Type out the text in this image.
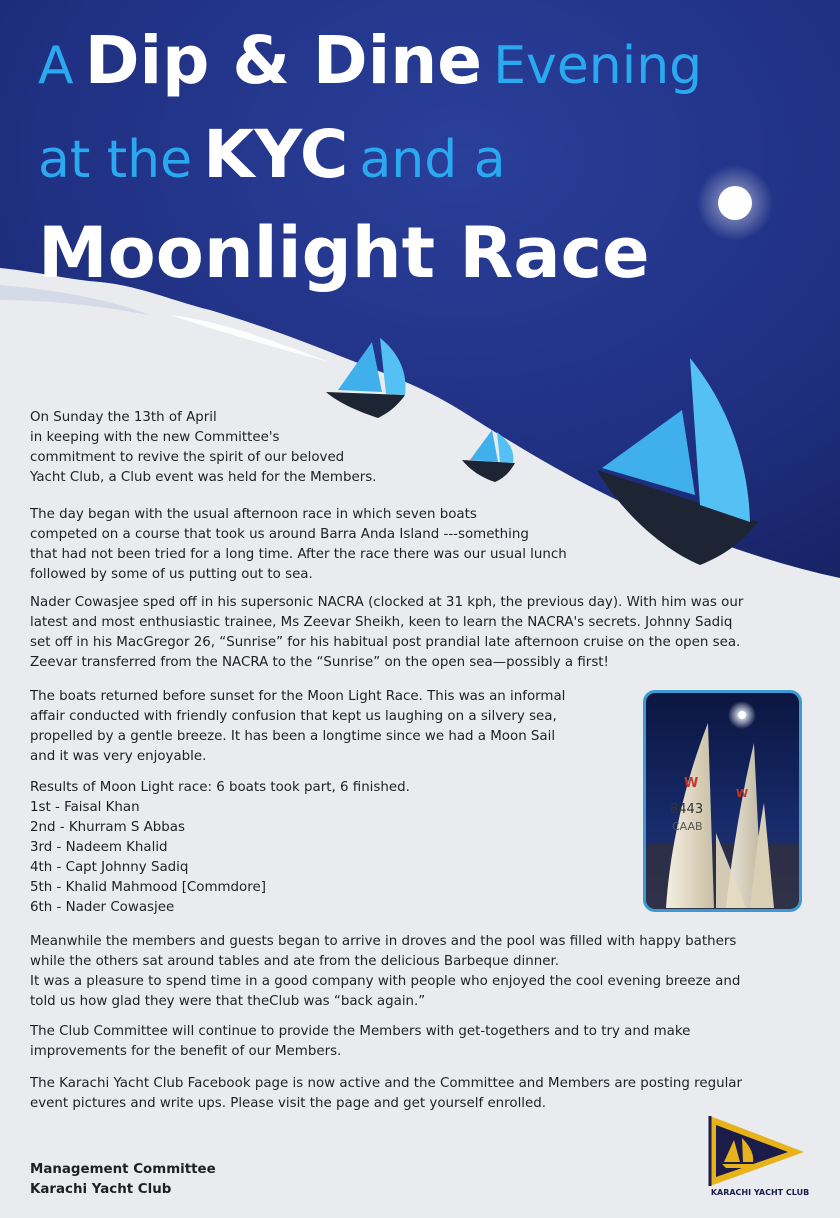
A Dip & Dine Evening
at the KYC and a
Moonlight Race

On Sunday the 13th of April
in keeping with the new Committee's
commitment to revive the spirit of our beloved
Yacht Club, a Club event was held for the Members.

The day began with the usual afternoon race in which seven boats
competed on a course that took us around Barra Anda Island ---something
that had not been tried for a long time. After the race there was our usual lunch
followed by some of us putting out to sea.

Nader Cowasjee sped off in his supersonic NACRA (clocked at 31 kph, the previous day). With him was our
latest and most enthusiastic trainee, Ms Zeevar Sheikh, keen to learn the NACRA's secrets. Johnny Sadiq
set off in his MacGregor 26, “Sunrise” for his habitual post prandial late afternoon cruise on the open sea.
Zeevar transferred from the NACRA to the “Sunrise” on the open sea—possibly a first!

The boats returned before sunset for the Moon Light Race. This was an informal
affair conducted with friendly confusion that kept us laughing on a silvery sea,
propelled by a gentle breeze. It has been a longtime since we had a Moon Sail
and it was very enjoyable.

Results of Moon Light race: 6 boats took part, 6 finished.
1st - Faisal Khan
2nd - Khurram S Abbas
3rd - Nadeem Khalid
4th - Capt Johnny Sadiq
5th - Khalid Mahmood [Commdore]
6th - Nader Cowasjee
W
W
8443
CAAB

Meanwhile the members and guests began to arrive in droves and the pool was filled with happy bathers
while the others sat around tables and ate from the delicious Barbeque dinner.
It was a pleasure to spend time in a good company with people who enjoyed the cool evening breeze and
told us how glad they were that theClub was “back again.”

The Club Committee will continue to provide the Members with get-togethers and to try and make
improvements for the benefit of our Members.

The Karachi Yacht Club Facebook page is now active and the Committee and Members are posting regular
event pictures and write ups. Please visit the page and get yourself enrolled.

Management Committee
Karachi Yacht Club	KARACHI YACHT CLUB
